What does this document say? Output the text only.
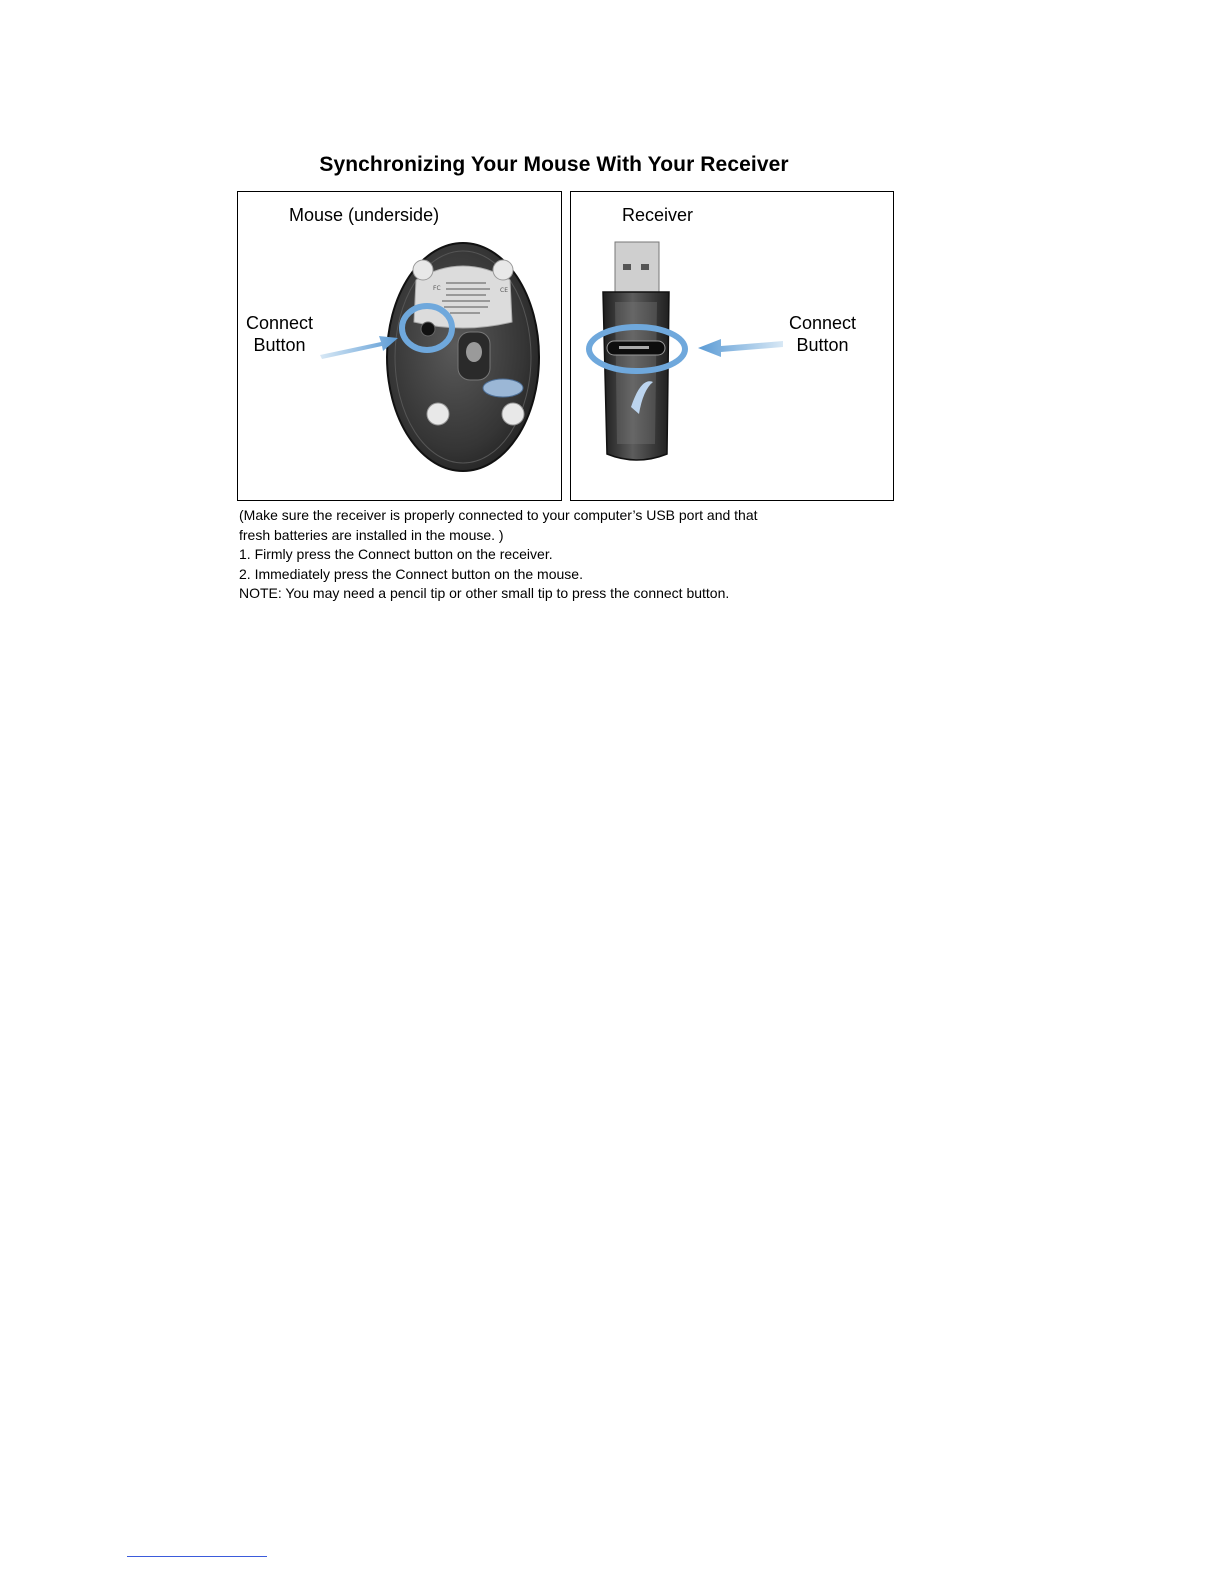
Synchronizing Your Mouse With Your Receiver
Mouse (underside)
FC	CE
Connect
Button
Receiver
Connect
Button
(Make sure the receiver is properly connected to your computer’s USB port and that
fresh batteries are installed in the mouse. )
1. Firmly press the Connect button on the receiver.
2. Immediately press the Connect button on the mouse.
NOTE: You may need a pencil tip or other small tip to press the connect button.
